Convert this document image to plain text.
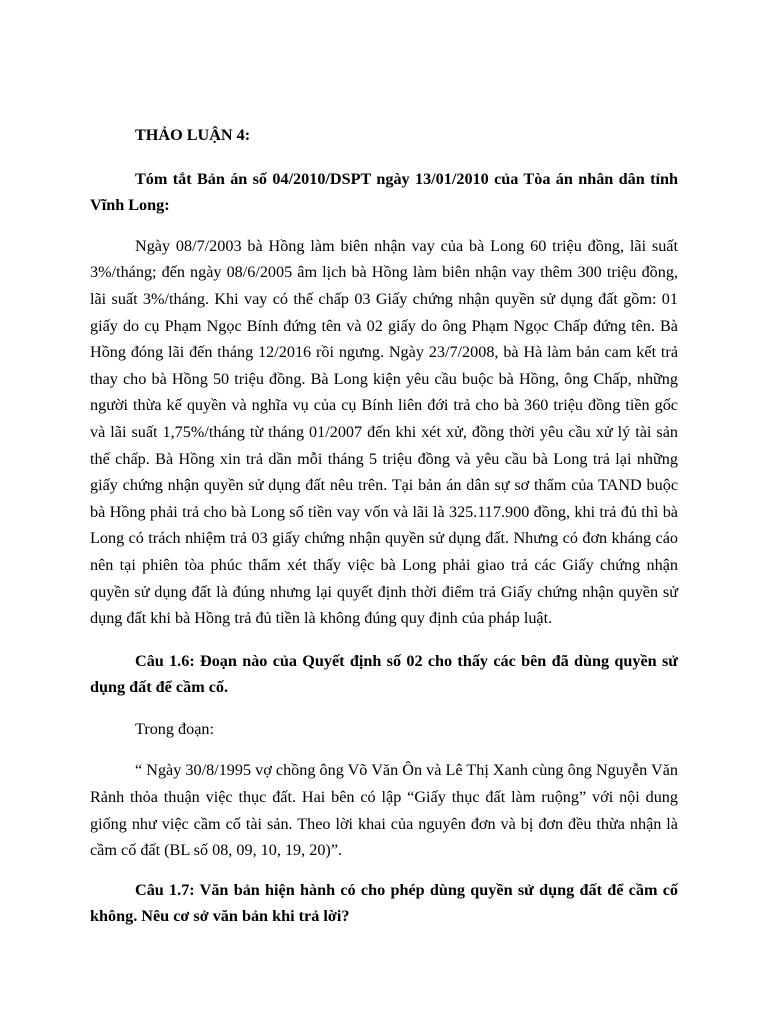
THẢO LUẬN 4:

Tóm tắt Bản án số 04/2010/DSPT ngày 13/01/2010 của Tòa án nhân dân tỉnh Vĩnh Long:

Ngày 08/7/2003 bà Hồng làm biên nhận vay của bà Long 60 triệu đồng, lãi suất 3%/tháng; đến ngày 08/6/2005 âm lịch bà Hồng làm biên nhận vay thêm 300 triệu đồng, lãi suất 3%/tháng. Khi vay có thế chấp 03 Giấy chứng nhận quyền sử dụng đất gồm: 01 giấy do cụ Phạm Ngọc Bính đứng tên và 02 giấy do ông Phạm Ngọc Chấp đứng tên. Bà Hồng đóng lãi đến tháng 12/2016 rồi ngưng. Ngày 23/7/2008, bà Hà làm bản cam kết trả thay cho bà Hồng 50 triệu đồng. Bà Long kiện yêu cầu buộc bà Hồng, ông Chấp, những người thừa kế quyền và nghĩa vụ của cụ Bính liên đới trả cho bà 360 triệu đồng tiền gốc và lãi suất 1,75%/tháng từ tháng 01/2007 đến khi xét xử, đồng thời yêu cầu xử lý tài sản thế chấp. Bà Hồng xin trả dần mỗi tháng 5 triệu đồng và yêu cầu bà Long trả lại những giấy chứng nhận quyền sử dụng đất nêu trên. Tại bản án dân sự sơ thẩm của TAND buộc bà Hồng phải trả cho bà Long số tiền vay vốn và lãi là 325.117.900 đồng, khi trả đủ thì bà Long có trách nhiệm trả 03 giấy chứng nhận quyền sử dụng đất. Nhưng có đơn kháng cáo nên tại phiên tòa phúc thẩm xét thấy việc bà Long phải giao trả các Giấy chứng nhận quyền sử dụng đất là đúng nhưng lại quyết định thời điểm trả Giấy chứng nhận quyền sử dụng đất khi bà Hồng trả đủ tiền là không đúng quy định của pháp luật.

Câu 1.6: Đoạn nào của Quyết định số 02 cho thấy các bên đã dùng quyền sử dụng đất để cầm cố.

Trong đoạn:

“ Ngày 30/8/1995 vợ chồng ông Võ Văn Ôn và Lê Thị Xanh cùng ông Nguyễn Văn Rảnh thỏa thuận việc thục đất. Hai bên có lập “Giấy thục đất làm ruộng” với nội dung giống như việc cầm cố tài sản. Theo lời khai của nguyên đơn và bị đơn đều thừa nhận là cầm cố đất (BL số 08, 09, 10, 19, 20)”.

Câu 1.7: Văn bản hiện hành có cho phép dùng quyền sử dụng đất để cầm cố không. Nêu cơ sở văn bản khi trả lời?
